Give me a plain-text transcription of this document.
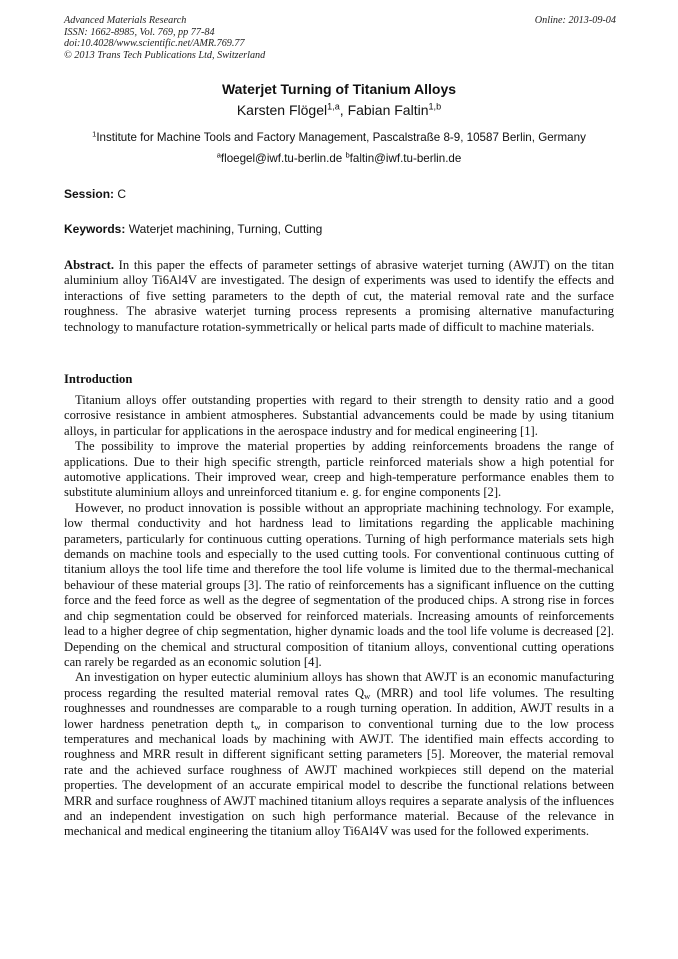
Advanced Materials Research
ISSN: 1662-8985, Vol. 769, pp 77-84
doi:10.4028/www.scientific.net/AMR.769.77
© 2013 Trans Tech Publications Ltd, Switzerland
Online: 2013-09-04
Waterjet Turning of Titanium Alloys
Karsten Flögel$^{1,a}$, Fabian Faltin$^{1,b}$
$^1$Institute for Machine Tools and Factory Management, Pascalstraße 8-9, 10587 Berlin, Germany
$^a$floegel@iwf.tu-berlin.de $^b$faltin@iwf.tu-berlin.de
Session: C
Keywords: Waterjet machining, Turning, Cutting
Abstract. In this paper the effects of parameter settings of abrasive waterjet turning (AWJT) on the titan aluminium alloy Ti6Al4V are investigated. The design of experiments was used to identify the effects and interactions of five setting parameters to the depth of cut, the material removal rate and the surface roughness. The abrasive waterjet turning process represents a promising alternative manufacturing technology to manufacture rotation-symmetrically or helical parts made of difficult to machine materials.
Introduction

Titanium alloys offer outstanding properties with regard to their strength to density ratio and a good corrosive resistance in ambient atmospheres. Substantial advancements could be made by using titanium alloys, in particular for applications in the aerospace industry and for medical engineering [1].

The possibility to improve the material properties by adding reinforcements broadens the range of applications. Due to their high specific strength, particle reinforced materials show a high potential for automotive applications. Their improved wear, creep and high-temperature performance enables them to substitute aluminium alloys and unreinforced titanium e. g. for engine components [2].

However, no product innovation is possible without an appropriate machining technology. For example, low thermal conductivity and hot hardness lead to limitations regarding the applicable machining parameters, particularly for continuous cutting operations. Turning of high performance materials sets high demands on machine tools and especially to the used cutting tools. For conventional continuous cutting of titanium alloys the tool life time and therefore the tool life volume is limited due to the thermal-mechanical behaviour of these material groups [3]. The ratio of reinforcements has a significant influence on the cutting force and the feed force as well as the degree of segmentation of the produced chips. A strong rise in forces and chip segmentation could be observed for reinforced materials. Increasing amounts of reinforcements lead to a higher degree of chip segmentation, higher dynamic loads and the tool life volume is decreased [2]. Depending on the chemical and structural composition of titanium alloys, conventional cutting operations can rarely be regarded as an economic solution [4].

An investigation on hyper eutectic aluminium alloys has shown that AWJT is an economic manufacturing process regarding the resulted material removal rates $Q_w$ (MRR) and tool life volumes. The resulting roughnesses and roundnesses are comparable to a rough turning operation. In addition, AWJT results in a lower hardness penetration depth $t_w$ in comparison to conventional turning due to the low process temperatures and mechanical loads by machining with AWJT. The identified main effects according to roughness and MRR result in different significant setting parameters [5]. Moreover, the material removal rate and the achieved surface roughness of AWJT machined workpieces still depend on the material properties. The development of an accurate empirical model to describe the functional relations between MRR and surface roughness of AWJT machined titanium alloys requires a separate analysis of the influences and an independent investigation on such high performance material. Because of the relevance in mechanical and medical engineering the titanium alloy Ti6Al4V was used for the followed experiments.
